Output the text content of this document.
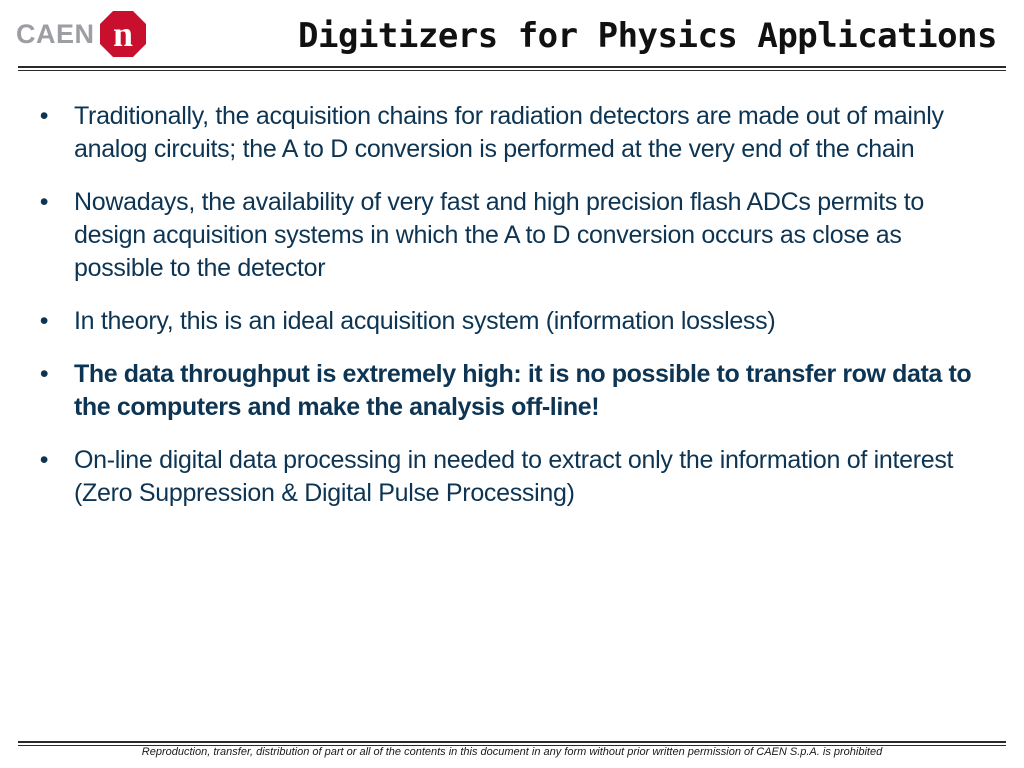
CAEN n	Digitizers for Physics Applications
• Traditionally, the acquisition chains for radiation detectors are made out of mainly analog circuits; the A to D conversion is performed at the very end of the chain
• Nowadays, the availability of very fast and high precision flash ADCs permits to design acquisition systems in which the A to D conversion occurs as close as possible to the detector
• In theory, this is an ideal acquisition system (information lossless)
• The data throughput is extremely high: it is no possible to transfer row data to the computers and make the analysis off-line!
• On-line digital data processing in needed to extract only the information of interest (Zero Suppression & Digital Pulse Processing)
Reproduction, transfer, distribution of part or all of the contents in this document in any form without prior written permission of CAEN S.p.A. is prohibited
